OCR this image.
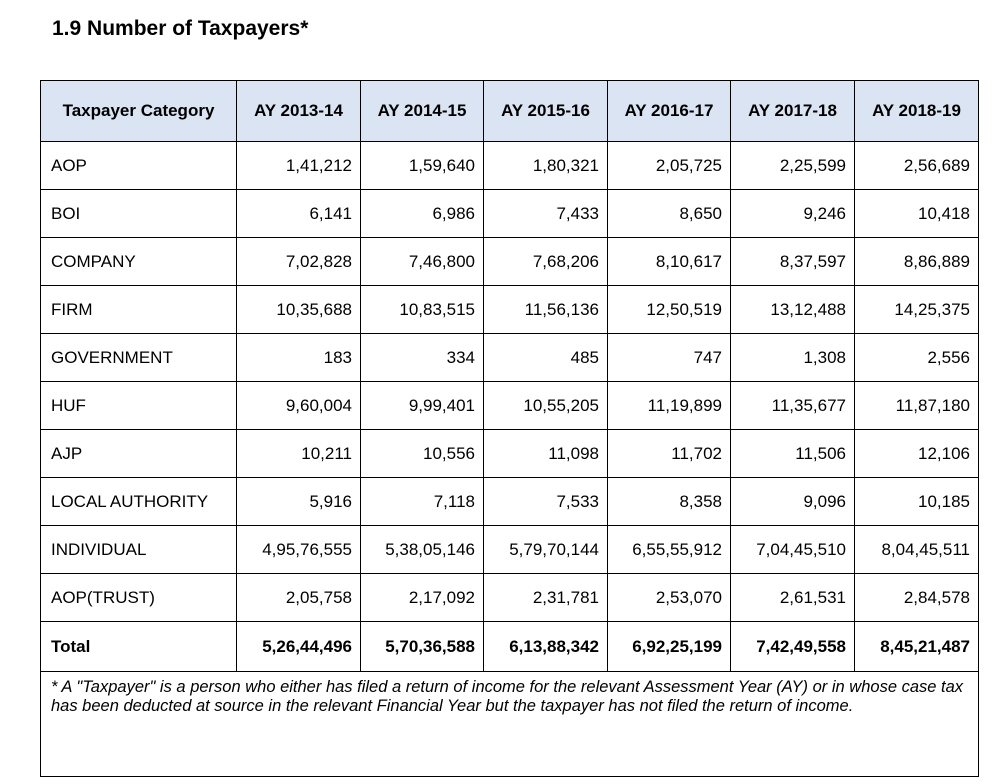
1.9 Number of Taxpayers*
Taxpayer Category	AY 2013-14	AY 2014-15	AY 2015-16	AY 2016-17	AY 2017-18	AY 2018-19
AOP	1,41,212	1,59,640	1,80,321	2,05,725	2,25,599	2,56,689
BOI	6,141	6,986	7,433	8,650	9,246	10,418
COMPANY	7,02,828	7,46,800	7,68,206	8,10,617	8,37,597	8,86,889
FIRM	10,35,688	10,83,515	11,56,136	12,50,519	13,12,488	14,25,375
GOVERNMENT	183	334	485	747	1,308	2,556
HUF	9,60,004	9,99,401	10,55,205	11,19,899	11,35,677	11,87,180
AJP	10,211	10,556	11,098	11,702	11,506	12,106
LOCAL AUTHORITY	5,916	7,118	7,533	8,358	9,096	10,185
INDIVIDUAL	4,95,76,555	5,38,05,146	5,79,70,144	6,55,55,912	7,04,45,510	8,04,45,511
AOP(TRUST)	2,05,758	2,17,092	2,31,781	2,53,070	2,61,531	2,84,578
Total	5,26,44,496	5,70,36,588	6,13,88,342	6,92,25,199	7,42,49,558	8,45,21,487
* A "Taxpayer" is a person who either has filed a return of income for the relevant Assessment Year (AY) or in whose case tax has been deducted at source in the relevant Financial Year but the taxpayer has not filed the return of income.						
